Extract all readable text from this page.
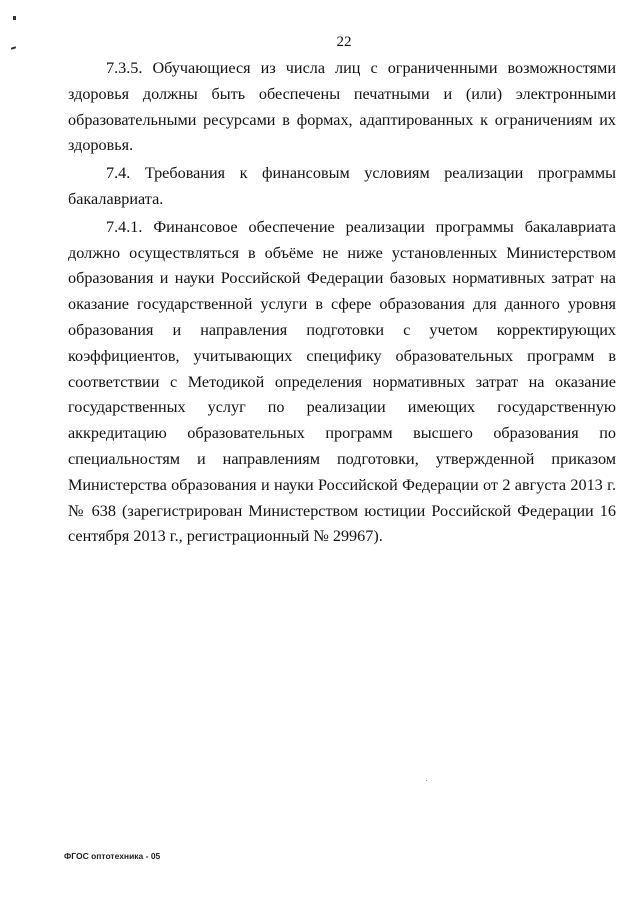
22

7.3.5. Обучающиеся из числа лиц с ограниченными возможностями здоровья должны быть обеспечены печатными и (или) электронными образовательными ресурсами в формах, адаптированных к ограничениям их здоровья.

7.4. Требования к финансовым условиям реализации программы бакалавриата.

7.4.1. Финансовое обеспечение реализации программы бакалавриата должно осуществляться в объёме не ниже установленных Министерством образования и науки Российской Федерации базовых нормативных затрат на оказание государственной услуги в сфере образования для данного уровня образования и направления подготовки с учетом корректирующих коэффициентов, учитывающих специфику образовательных программ в соответствии с Методикой определения нормативных затрат на оказание государственных услуг по реализации имеющих государственную аккредитацию образовательных программ высшего образования по специальностям и направлениям подготовки, утвержденной приказом Министерства образования и науки Российской Федерации от 2 августа 2013 г. № 638 (зарегистрирован Министерством юстиции Российской Федерации 16 сентября 2013 г., регистрационный № 29967).

ФГОС оптотехника - 05
